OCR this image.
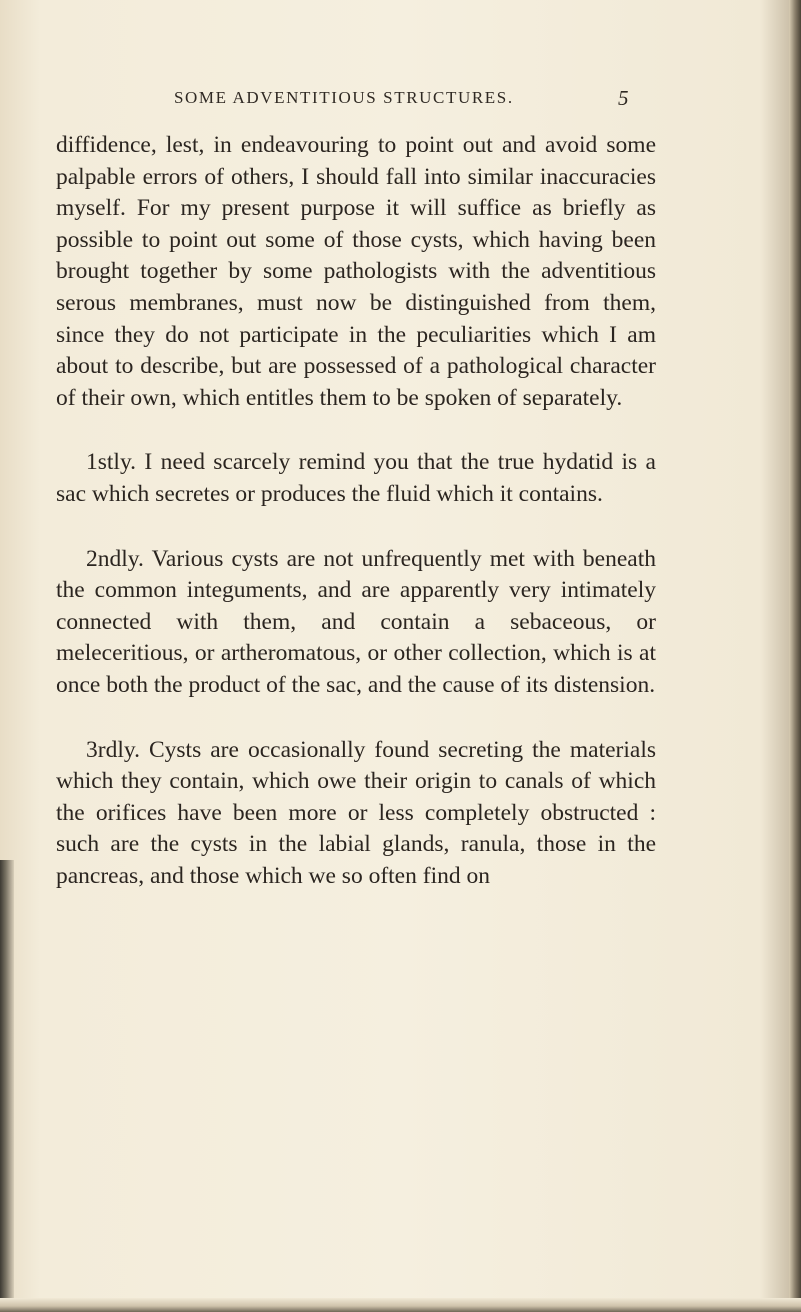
SOME ADVENTITIOUS STRUCTURES.	5

diffidence, lest, in endeavouring to point out and avoid some palpable errors of others, I should fall into similar inaccuracies myself. For my present purpose it will suffice as briefly as possible to point out some of those cysts, which having been brought together by some pathologists with the adventitious serous membranes, must now be distinguished from them, since they do not participate in the peculiarities which I am about to describe, but are possessed of a pathological character of their own, which entitles them to be spoken of separately.

1stly. I need scarcely remind you that the true hydatid is a sac which secretes or produces the fluid which it contains.

2ndly. Various cysts are not unfrequently met with beneath the common integuments, and are apparently very intimately connected with them, and contain a sebaceous, or meleceritious, or artheromatous, or other collection, which is at once both the product of the sac, and the cause of its distension.

3rdly. Cysts are occasionally found secreting the materials which they contain, which owe their origin to canals of which the orifices have been more or less completely obstructed : such are the cysts in the labial glands, ranula, those in the pancreas, and those which we so often find on
